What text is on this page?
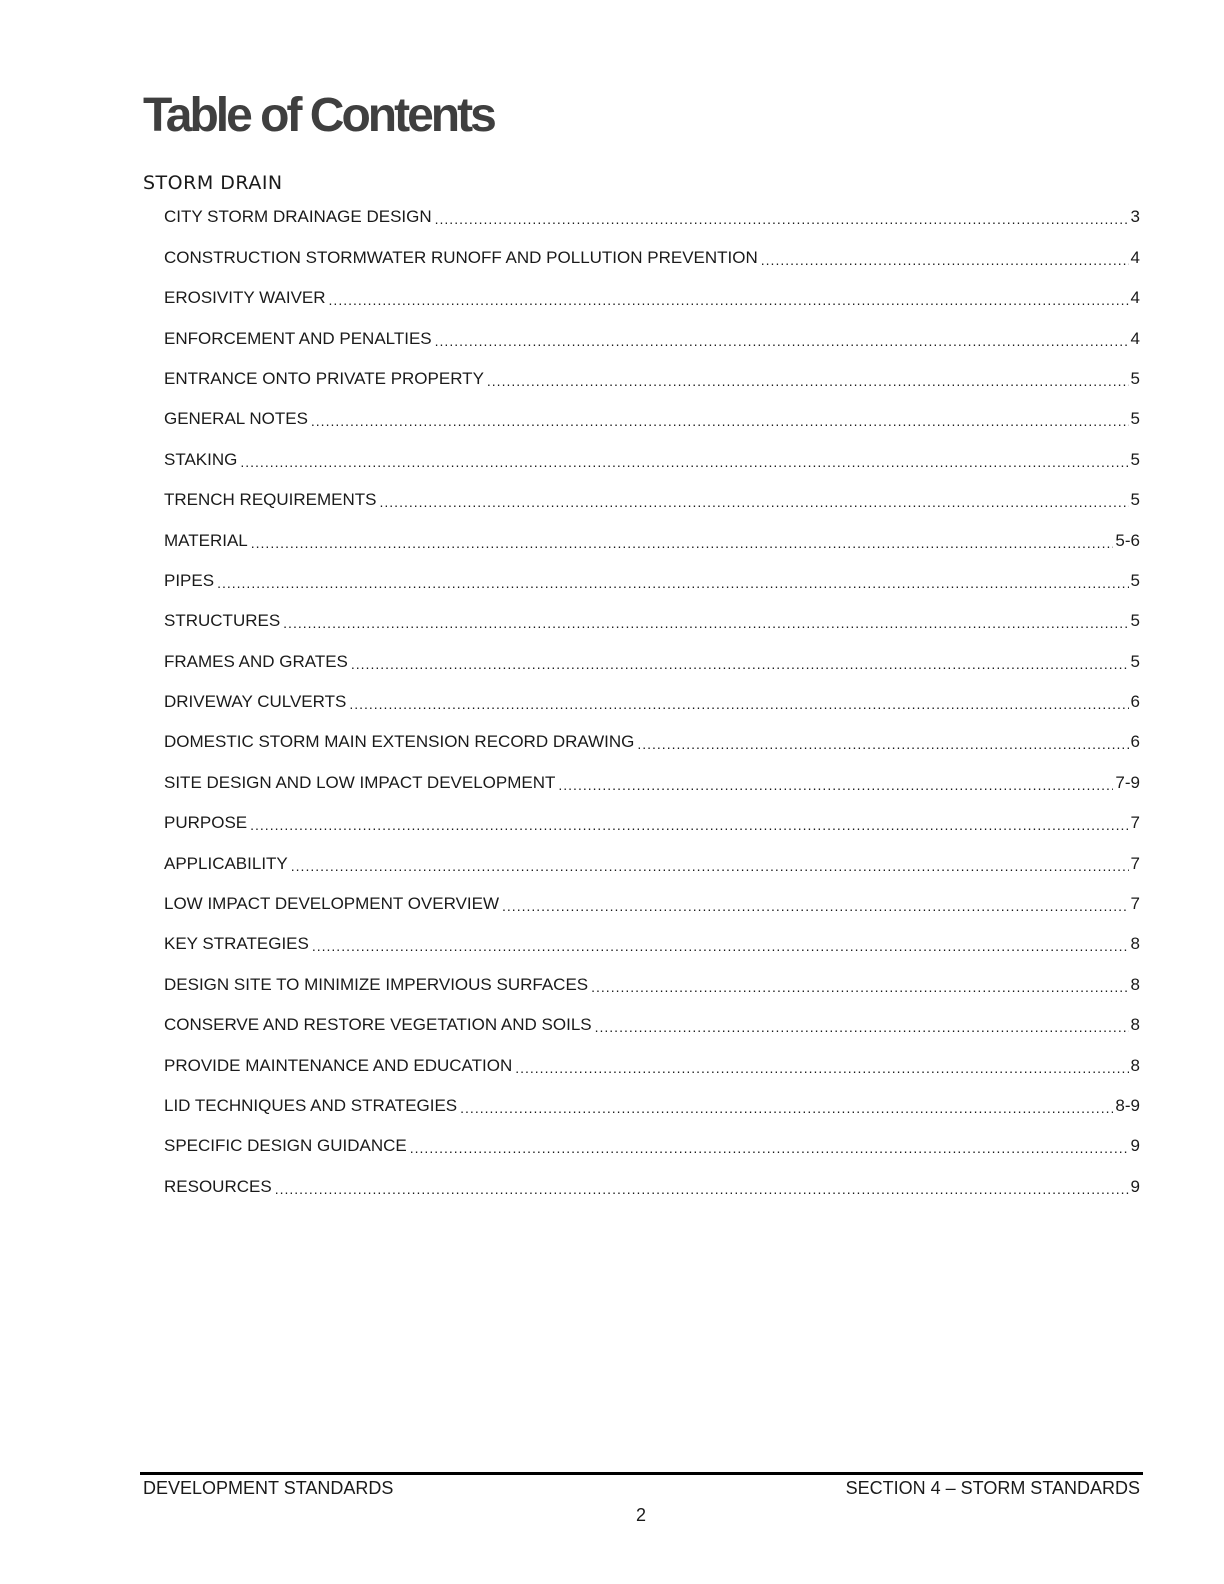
Table of Contents
STORM DRAIN
CITY STORM DRAINAGE DESIGN .....	3
CONSTRUCTION STORMWATER RUNOFF AND POLLUTION PREVENTION .....	4
EROSIVITY WAIVER .....	4
ENFORCEMENT AND PENALTIES .....	4
ENTRANCE ONTO PRIVATE PROPERTY .....	5
GENERAL NOTES .....	5
STAKING .....	5
TRENCH REQUIREMENTS .....	5
MATERIAL .....	5-6
PIPES .....	5
STRUCTURES .....	5
FRAMES AND GRATES .....	5
DRIVEWAY CULVERTS .....	6
DOMESTIC STORM MAIN EXTENSION RECORD DRAWING .....	6
SITE DESIGN AND LOW IMPACT DEVELOPMENT .....	7-9
PURPOSE .....	7
APPLICABILITY .....	7
LOW IMPACT DEVELOPMENT OVERVIEW .....	7
KEY STRATEGIES .....	8
DESIGN SITE TO MINIMIZE IMPERVIOUS SURFACES .....	8
CONSERVE AND RESTORE VEGETATION AND SOILS .....	8
PROVIDE MAINTENANCE AND EDUCATION .....	8
LID TECHNIQUES AND STRATEGIES .....	8-9
SPECIFIC DESIGN GUIDANCE .....	9
RESOURCES .....	9
DEVELOPMENT STANDARDS	SECTION 4 – STORM STANDARDS
2
